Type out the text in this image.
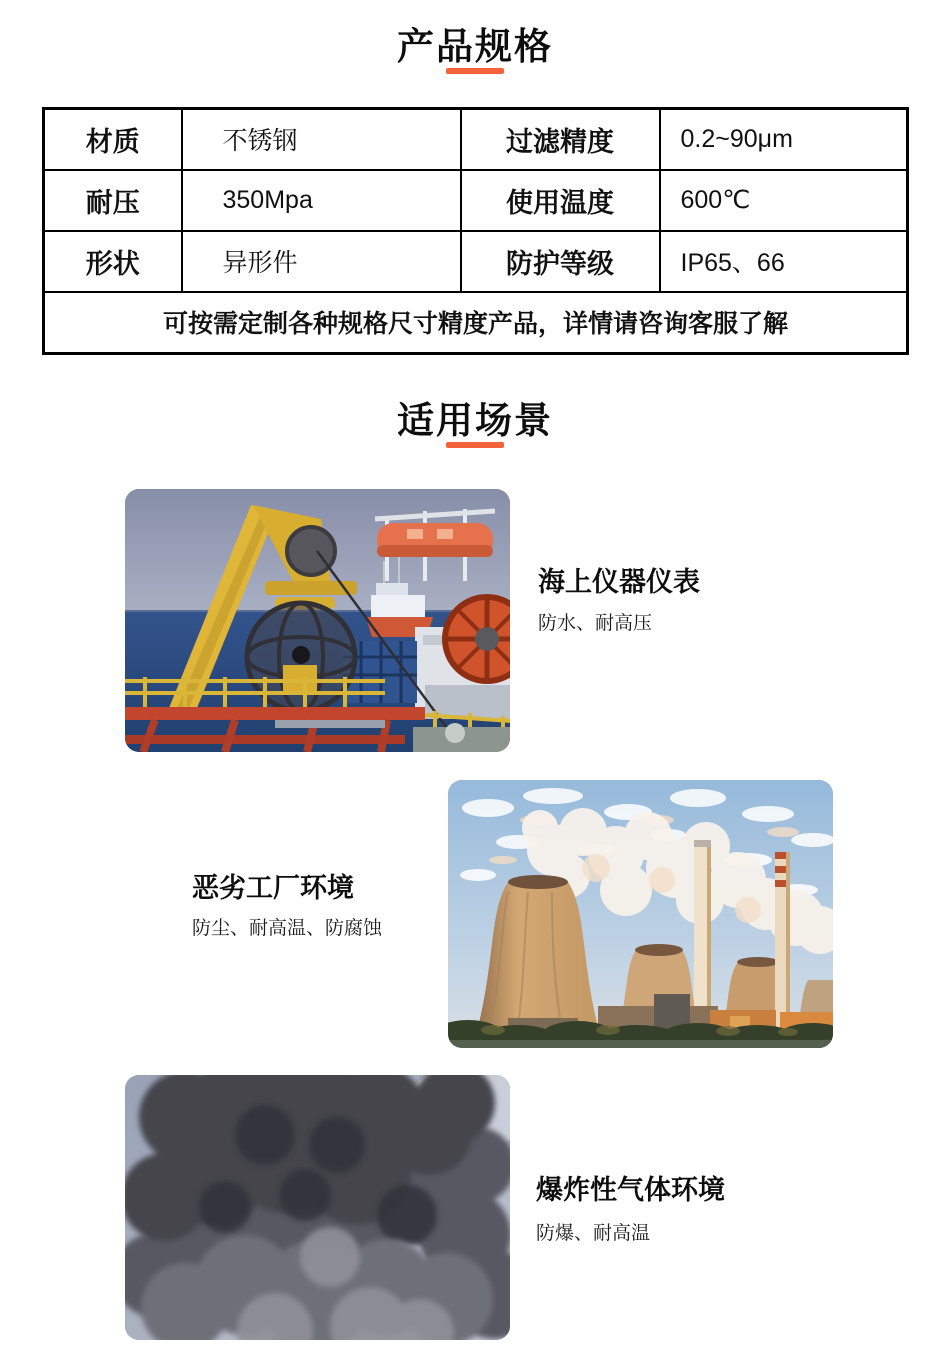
产品规格
材质	不锈钢	过滤精度	0.2~90μm
耐压	350Mpa	使用温度	600℃
形状	异形件	防护等级	IP65、66
可按需定制各种规格尺寸精度产品，详情请咨询客服了解			
适用场景
海上仪器仪表
防水、耐高压
恶劣工厂环境
防尘、耐高温、防腐蚀
爆炸性气体环境
防爆、耐高温
